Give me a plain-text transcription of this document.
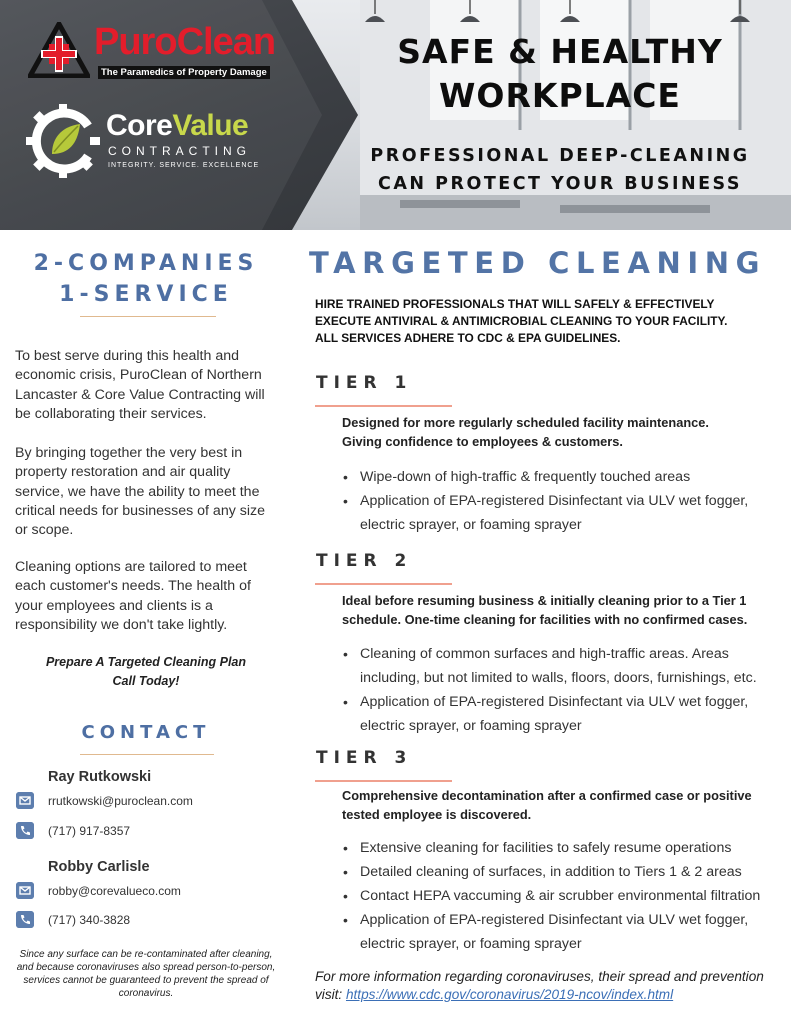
PuroClean
The Paramedics of Property Damage
CoreValue
CONTRACTING
INTEGRITY. SERVICE. EXCELLENCE
SAFE & HEALTHY
WORKPLACE
PROFESSIONAL DEEP-CLEANING
CAN PROTECT YOUR BUSINESS
2-COMPANIES
1-SERVICE
To best serve during this health and economic crisis, PuroClean of Northern Lancaster & Core Value Contracting will be collaborating their services.
By bringing together the very best in property restoration and air quality service, we have the ability to meet the critical needs for businesses of any size or scope.
Cleaning options are tailored to meet each customer's needs. The health of your employees and clients is a responsibility we don't take lightly.
Prepare A Targeted Cleaning Plan
Call Today!
CONTACT
Ray Rutkowski
rrutkowski@puroclean.com
(717) 917-8357
Robby Carlisle
robby@corevalueco.com
(717) 340-3828
Since any surface can be re-contaminated after cleaning, and because coronaviruses also spread person-to-person, services cannot be guaranteed to prevent the spread of coronavirus.
TARGETED CLEANING
HIRE TRAINED PROFESSIONALS THAT WILL SAFELY & EFFECTIVELY
EXECUTE ANTIVIRAL & ANTIMICROBIAL CLEANING TO YOUR FACILITY.
ALL SERVICES ADHERE TO CDC & EPA GUIDELINES.
TIER 1
Designed for more regularly scheduled facility maintenance.
Giving confidence to employees & customers.
• Wipe-down of high-traffic & frequently touched areas
• Application of EPA-registered Disinfectant via ULV wet fogger, electric sprayer, or foaming sprayer
TIER 2
Ideal before resuming business & initially cleaning prior to a Tier 1
schedule. One-time cleaning for facilities with no confirmed cases.
• Cleaning of common surfaces and high-traffic areas. Areas including, but not limited to walls, floors, doors, furnishings, etc.
• Application of EPA-registered Disinfectant via ULV wet fogger, electric sprayer, or foaming sprayer
TIER 3
Comprehensive decontamination after a confirmed case or positive
tested employee is discovered.
• Extensive cleaning for facilities to safely resume operations
• Detailed cleaning of surfaces, in addition to Tiers 1 & 2 areas
• Contact HEPA vaccuming & air scrubber environmental filtration
• Application of EPA-registered Disinfectant via ULV wet fogger, electric sprayer, or foaming sprayer
For more information regarding coronaviruses, their spread and prevention visit: https://www.cdc.gov/coronavirus/2019-ncov/index.html
